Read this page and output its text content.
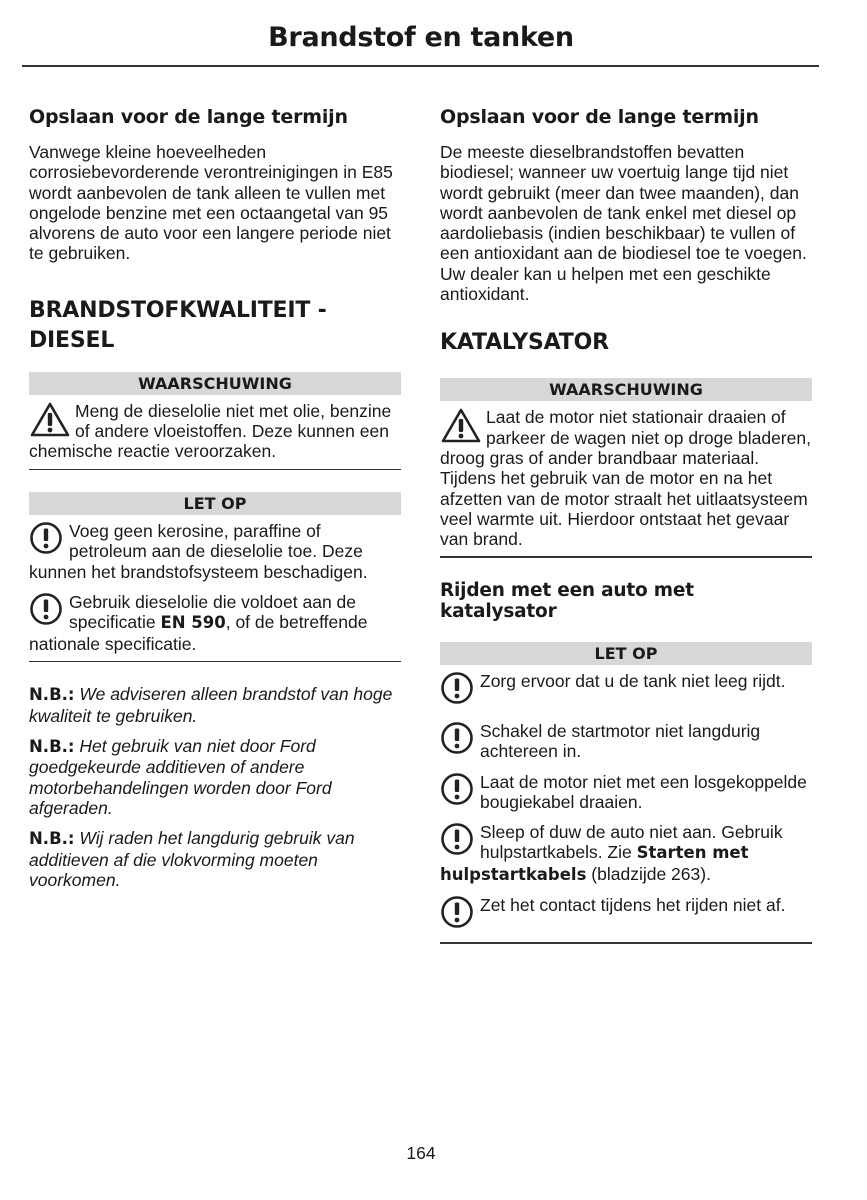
Brandstof en tanken
Opslaan voor de lange termijn

Vanwege kleine hoeveelheden corrosiebevorderende verontreinigingen in E85 wordt aanbevolen de tank alleen te vullen met ongelode benzine met een octaangetal van 95 alvorens de auto voor een langere periode niet te gebruiken.

BRANDSTOFKWALITEIT - DIESEL
WAARSCHUWING
Meng de dieselolie niet met olie, benzine of andere vloeistoffen. Deze kunnen een chemische reactie veroorzaken.
LET OP
Voeg geen kerosine, paraffine of petroleum aan de dieselolie toe. Deze kunnen het brandstofsysteem beschadigen.
Gebruik dieselolie die voldoet aan de specificatie EN 590, of de betreffende nationale specificatie.

N.B.: We adviseren alleen brandstof van hoge kwaliteit te gebruiken.

N.B.: Het gebruik van niet door Ford goedgekeurde additieven of andere motorbehandelingen worden door Ford afgeraden.

N.B.: Wij raden het langdurig gebruik van additieven af die vlokvorming moeten voorkomen.

Opslaan voor de lange termijn

De meeste dieselbrandstoffen bevatten biodiesel; wanneer uw voertuig lange tijd niet wordt gebruikt (meer dan twee maanden), dan wordt aanbevolen de tank enkel met diesel op aardoliebasis (indien beschikbaar) te vullen of een antioxidant aan de biodiesel toe te voegen. Uw dealer kan u helpen met een geschikte antioxidant.

KATALYSATOR
WAARSCHUWING
Laat de motor niet stationair draaien of parkeer de wagen niet op droge bladeren, droog gras of ander brandbaar materiaal. Tijdens het gebruik van de motor en na het afzetten van de motor straalt het uitlaatsysteem veel warmte uit. Hierdoor ontstaat het gevaar van brand.
Rijden met een auto met katalysator
LET OP
Zorg ervoor dat u de tank niet leeg rijdt.
Schakel de startmotor niet langdurig achtereen in.
Laat de motor niet met een losgekoppelde bougiekabel draaien.
Sleep of duw de auto niet aan. Gebruik hulpstartkabels. Zie Starten met hulpstartkabels (bladzijde 263).
Zet het contact tijdens het rijden niet af.
164
